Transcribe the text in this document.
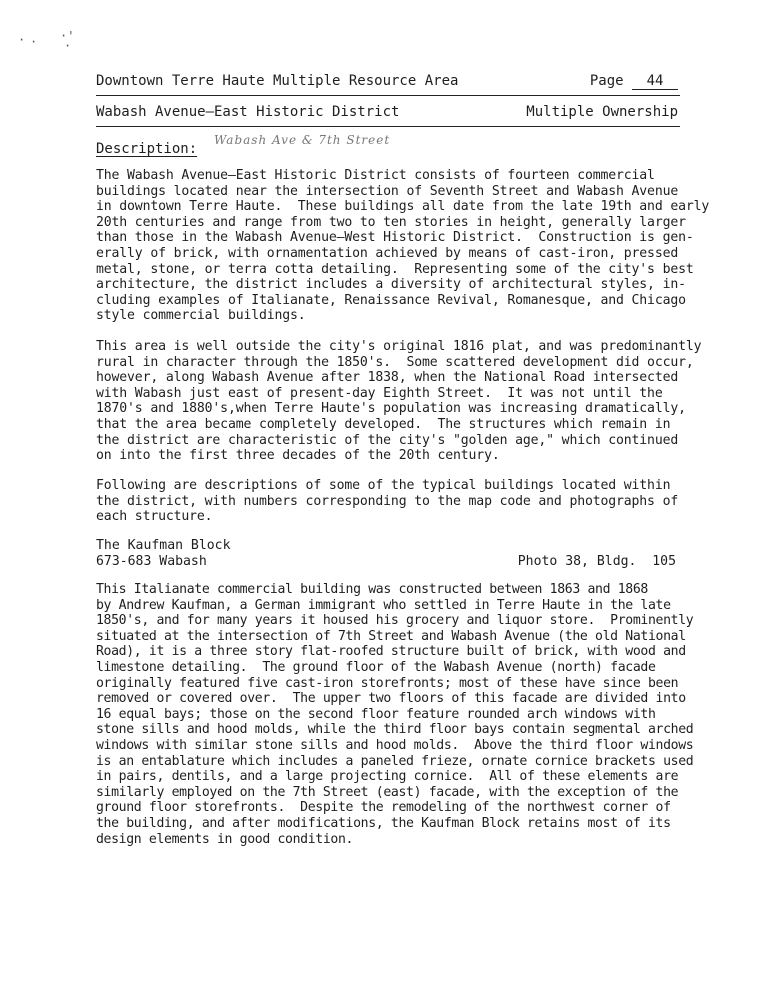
· · ·'
·

Downtown Terre Haute Multiple Resource Area

	Page 44

Wabash Avenue—East Historic District

	Multiple Ownership

Description:
Wabash Ave & 7th Street
The Wabash Avenue—East Historic District consists of fourteen commercial
buildings located near the intersection of Seventh Street and Wabash Avenue
in downtown Terre Haute.  These buildings all date from the late 19th and early
20th centuries and range from two to ten stories in height, generally larger
than those in the Wabash Avenue—West Historic District.  Construction is gen-
erally of brick, with ornamentation achieved by means of cast-iron, pressed
metal, stone, or terra cotta detailing.  Representing some of the city's best
architecture, the district includes a diversity of architectural styles, in-
cluding examples of Italianate, Renaissance Revival, Romanesque, and Chicago
style commercial buildings.
This area is well outside the city's original 1816 plat, and was predominantly
rural in character through the 1850's.  Some scattered development did occur,
however, along Wabash Avenue after 1838, when the National Road intersected
with Wabash just east of present-day Eighth Street.  It was not until the
1870's and 1880's,when Terre Haute's population was increasing dramatically,
that the area became completely developed.  The structures which remain in
the district are characteristic of the city's "golden age," which continued
on into the first three decades of the 20th century.
Following are descriptions of some of the typical buildings located within
the district, with numbers corresponding to the map code and photographs of
each structure.
The Kaufman Block
673-683 Wabash	Photo 38, Bldg.  105
This Italianate commercial building was constructed between 1863 and 1868
by Andrew Kaufman, a German immigrant who settled in Terre Haute in the late
1850's, and for many years it housed his grocery and liquor store.  Prominently
situated at the intersection of 7th Street and Wabash Avenue (the old National
Road), it is a three story flat-roofed structure built of brick, with wood and
limestone detailing.  The ground floor of the Wabash Avenue (north) facade
originally featured five cast-iron storefronts; most of these have since been
removed or covered over.  The upper two floors of this facade are divided into
16 equal bays; those on the second floor feature rounded arch windows with
stone sills and hood molds, while the third floor bays contain segmental arched
windows with similar stone sills and hood molds.  Above the third floor windows
is an entablature which includes a paneled frieze, ornate cornice brackets used
in pairs, dentils, and a large projecting cornice.  All of these elements are
similarly employed on the 7th Street (east) facade, with the exception of the
ground floor storefronts.  Despite the remodeling of the northwest corner of
the building, and after modifications, the Kaufman Block retains most of its
design elements in good condition.
